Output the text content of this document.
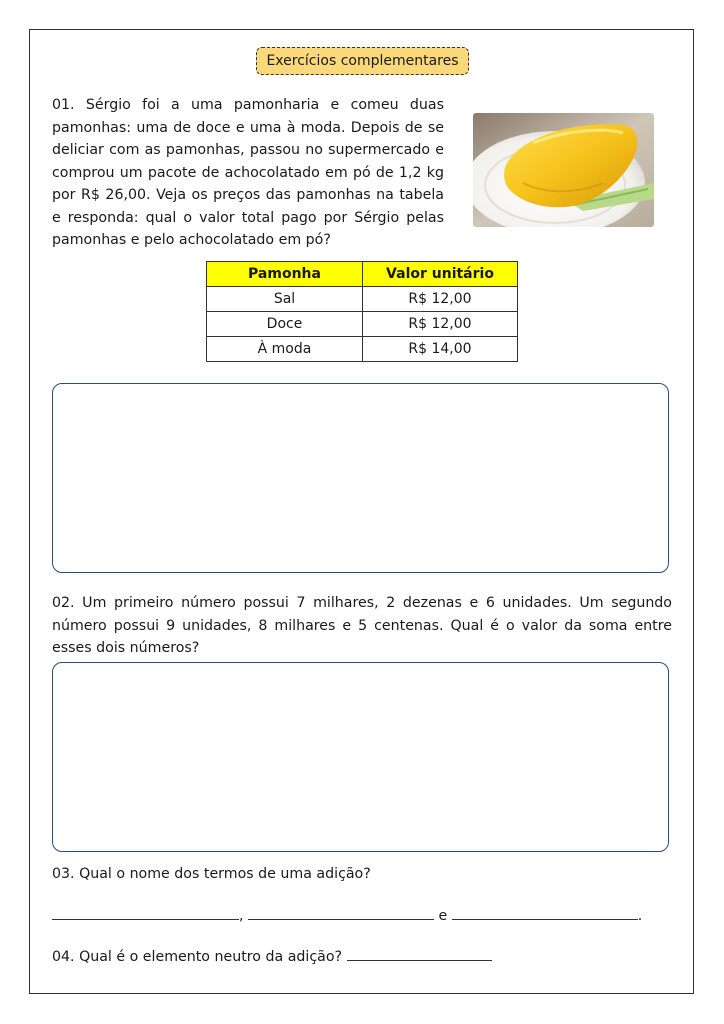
Exercícios complementares
01. Sérgio foi a uma pamonharia e comeu duas pamonhas: uma de doce e uma à moda. Depois de se deliciar com as pamonhas, passou no supermercado e comprou um pacote de achocolatado em pó de 1,2 kg por R$ 26,00. Veja os preços das pamonhas na tabela e responda: qual o valor total pago por Sérgio pelas pamonhas e pelo achocolatado em pó?
Pamonha	Valor unitário
Sal	R$ 12,00
Doce	R$ 12,00
À moda	R$ 14,00
02. Um primeiro número possui 7 milhares, 2 dezenas e 6 unidades. Um segundo número possui 9 unidades, 8 milhares e 5 centenas. Qual é o valor da soma entre esses dois números?
03. Qual o nome dos termos de uma adição?
,	e	.
04. Qual é o elemento neutro da adição?
